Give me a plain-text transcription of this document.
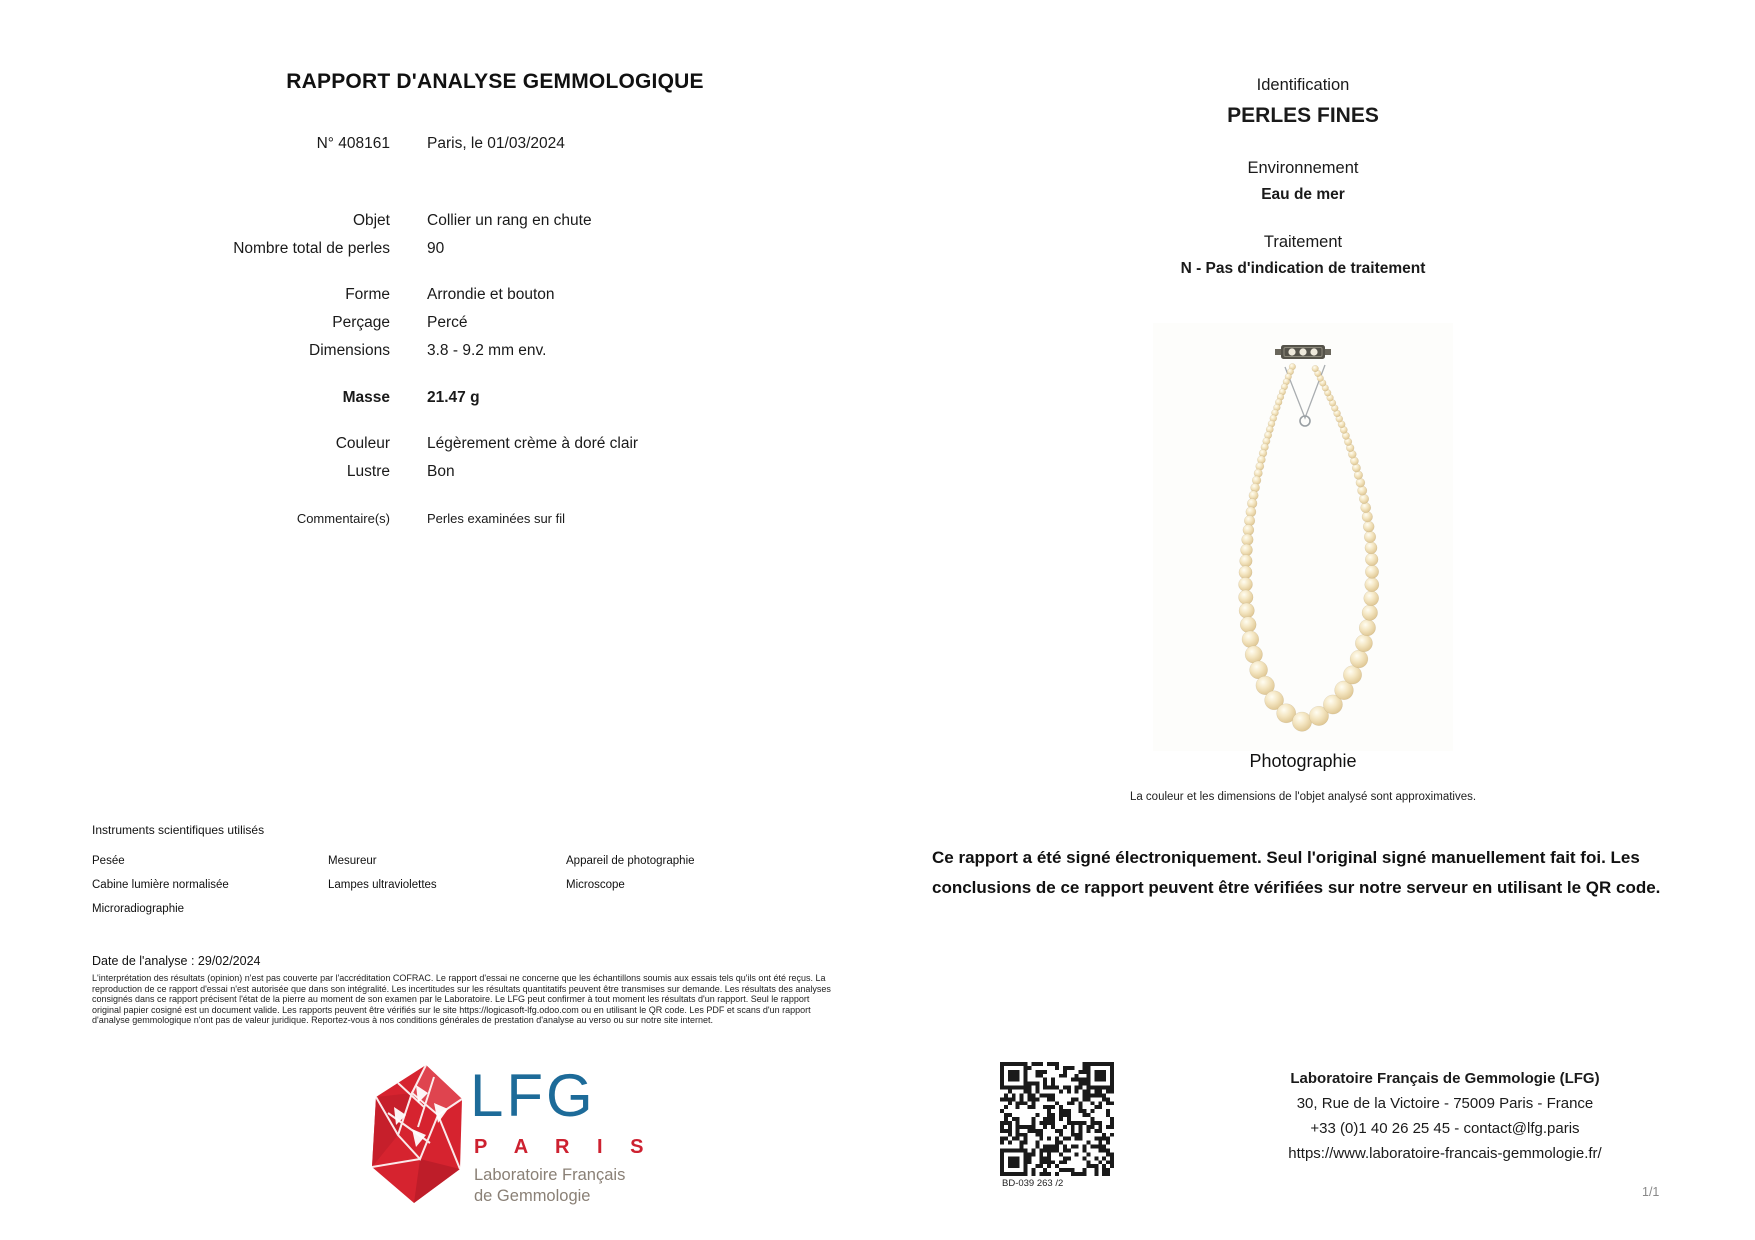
RAPPORT D'ANALYSE GEMMOLOGIQUE
N° 408161 Paris, le 01/03/2024
Objet Collier un rang en chute
Nombre total de perles 90
Forme Arrondie et bouton
Perçage Percé
Dimensions 3.8 - 9.2 mm env.
Masse 21.47 g
Couleur Légèrement crème à doré clair
Lustre Bon
Commentaire(s)	Perles examinées sur fil
Identification
PERLES FINES
Environnement
Eau de mer
Traitement
N - Pas d'indication de traitement
Photographie
La couleur et les dimensions de l'objet analysé sont approximatives.
Ce rapport a été signé électroniquement. Seul l'original signé manuellement fait foi. Les conclusions de ce rapport peuvent être vérifiées sur notre serveur en utilisant le QR code.
Instruments scientifiques utilisés
Pesée
Cabine lumière normalisée
Microradiographie
Mesureur
Lampes ultraviolettes
Appareil de photographie
Microscope
Date de l'analyse : 29/02/2024
L'interprétation des résultats (opinion) n'est pas couverte par l'accréditation COFRAC. Le rapport d'essai ne concerne que les échantillons soumis aux essais tels qu'ils ont été reçus. La reproduction de ce rapport d'essai n'est autorisée que dans son intégralité. Les incertitudes sur les résultats quantitatifs peuvent être transmises sur demande. Les résultats des analyses consignés dans ce rapport précisent l'état de la pierre au moment de son examen par le Laboratoire. Le LFG peut confirmer à tout moment les résultats d'un rapport. Seul le rapport original papier cosigné est un document valide. Les rapports peuvent être vérifiés sur le site https://logicasoft-lfg.odoo.com ou en utilisant le QR code. Les PDF et scans d'un rapport d'analyse gemmologique n'ont pas de valeur juridique. Reportez-vous à nos conditions générales de prestation d'analyse au verso ou sur notre site internet.
LFG
P A R I S
Laboratoire Français
de Gemmologie
BD-039 263 /2
Laboratoire Français de Gemmologie (LFG)
30, Rue de la Victoire - 75009 Paris - France
+33 (0)1 40 26 25 45 - contact@lfg.paris
https://www.laboratoire-francais-gemmologie.fr/
1/1
